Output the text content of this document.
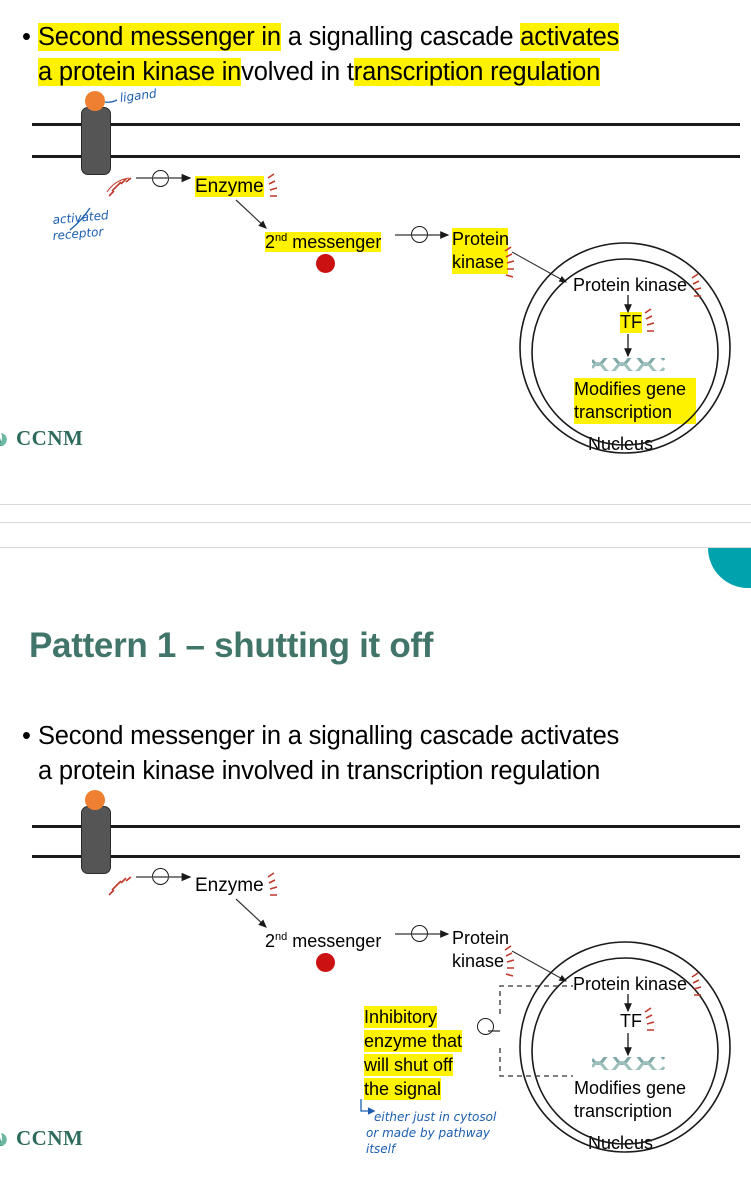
• Second messenger in a signalling cascade activates
a protein kinase involved in transcription regulation
ligand
activated
receptor
Enzyme
2nd messenger	Protein
kinase
Protein kinase
TF
Modifies gene transcription
Nucleus
CCNM
Pattern 1 – shutting it off
• Second messenger in a signalling cascade activates
a protein kinase involved in transcription regulation
Enzyme
2nd messenger	Protein
kinase
Protein kinase
TF
Modifies gene transcription
Nucleus
Inhibitory enzyme that will shut off the signal
either just in cytosol
or made by pathway
itself
CCNM
